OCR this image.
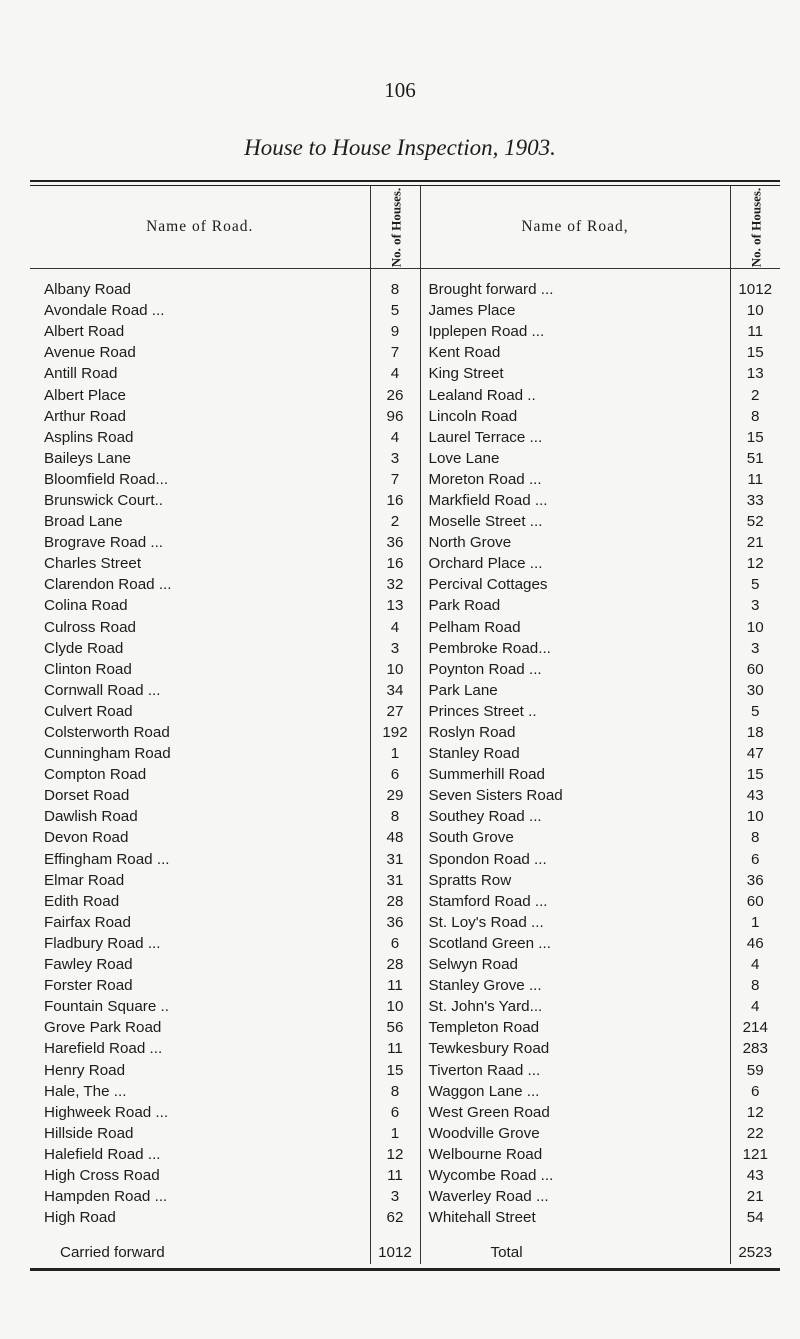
106
House to House Inspection, 1903.
Name of Road.	No. of Houses.	Name of Road,	No. of Houses.

Albany Road	8	Brought forward ...	1012
Avondale Road ...	5	James Place	10
Albert Road	9	Ipplepen Road ...	11
Avenue Road	7	Kent Road	15
Antill Road	4	King Street	13
Albert Place	26	Lealand Road ..	2
Arthur Road	96	Lincoln Road	8
Asplins Road	4	Laurel Terrace ...	15
Baileys Lane	3	Love Lane	51
Bloomfield Road...	7	Moreton Road ...	11
Brunswick Court..	16	Markfield Road ...	33
Broad Lane	2	Moselle Street ...	52
Brograve Road ...	36	North Grove	21
Charles Street	16	Orchard Place ...	12
Clarendon Road ...	32	Percival Cottages	5
Colina Road	13	Park Road	3
Culross Road	4	Pelham Road	10
Clyde Road	3	Pembroke Road...	3
Clinton Road	10	Poynton Road ...	60
Cornwall Road ...	34	Park Lane	30
Culvert Road	27	Princes Street ..	5
Colsterworth Road	192	Roslyn Road	18
Cunningham Road	1	Stanley Road	47
Compton Road	6	Summerhill Road	15
Dorset Road	29	Seven Sisters Road	43
Dawlish Road	8	Southey Road ...	10
Devon Road	48	South Grove	8
Effingham Road ...	31	Spondon Road ...	6
Elmar Road	31	Spratts Row	36
Edith Road	28	Stamford Road ...	60
Fairfax Road	36	St. Loy's Road ...	1
Fladbury Road ...	6	Scotland Green ...	46
Fawley Road	28	Selwyn Road	4
Forster Road	11	Stanley Grove ...	8
Fountain Square ..	10	St. John's Yard...	4
Grove Park Road	56	Templeton Road	214
Harefield Road ...	11	Tewkesbury Road	283
Henry Road	15	Tiverton Raad ...	59
Hale, The ...	8	Waggon Lane ...	6
Highweek Road ...	6	West Green Road	12
Hillside Road	1	Woodville Grove	22
Halefield Road ...	12	Welbourne Road	121
High Cross Road	11	Wycombe Road ...	43
Hampden Road ...	3	Waverley Road ...	21
High Road	62	Whitehall Street	54

Carried forward	1012	Total	2523
